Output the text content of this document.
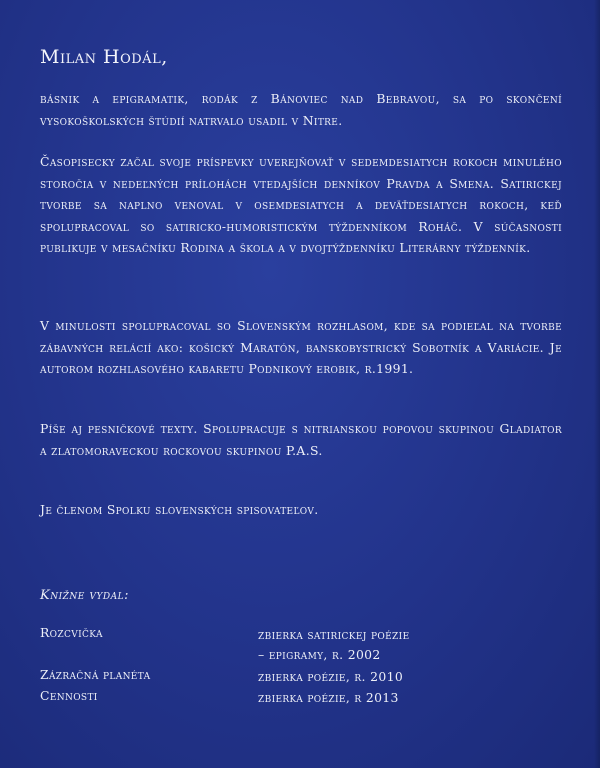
Milan Hodál,

básnik a epigramatik, rodák z Bánoviec nad Bebravou, sa po skončení vysokoškolských štúdií natrvalo usadil v Nitre.

Časopisecky začal svoje príspevky uverejňovať v sedemdesiatych rokoch minulého storočia v nedeľných prílohách vtedajších denníkov Pravda a Smena. Satirickej tvorbe sa naplno venoval v osemdesiatych a deväťdesiatych rokoch, keď spolupracoval so satiricko-humoristickým týždenníkom Roháč. V súčasnosti publikuje v mesačníku Rodina a škola a v dvojtýždenníku Literárny týždenník.

V minulosti spolupracoval so Slovenským rozhlasom, kde sa podieľal na tvorbe zábavných relácií ako: košický Maratón, banskobystrický Sobotník a Variácie. Je autorom rozhlasového kabaretu Podnikový erobik, r.1991.

Píše aj pesničkové texty. Spolupracuje s nitrianskou popovou skupinou Gladiator a zlatomoraveckou rockovou skupinou P.A.S.

Je členom Spolku slovenských spisovateľov.

Knižne vydal:
Rozcvička	zbierka satirickej poézie
– epigramy, r. 2002
Zázračná planéta	zbierka poézie, r. 2010
Cennosti	zbierka poézie, r 2013
